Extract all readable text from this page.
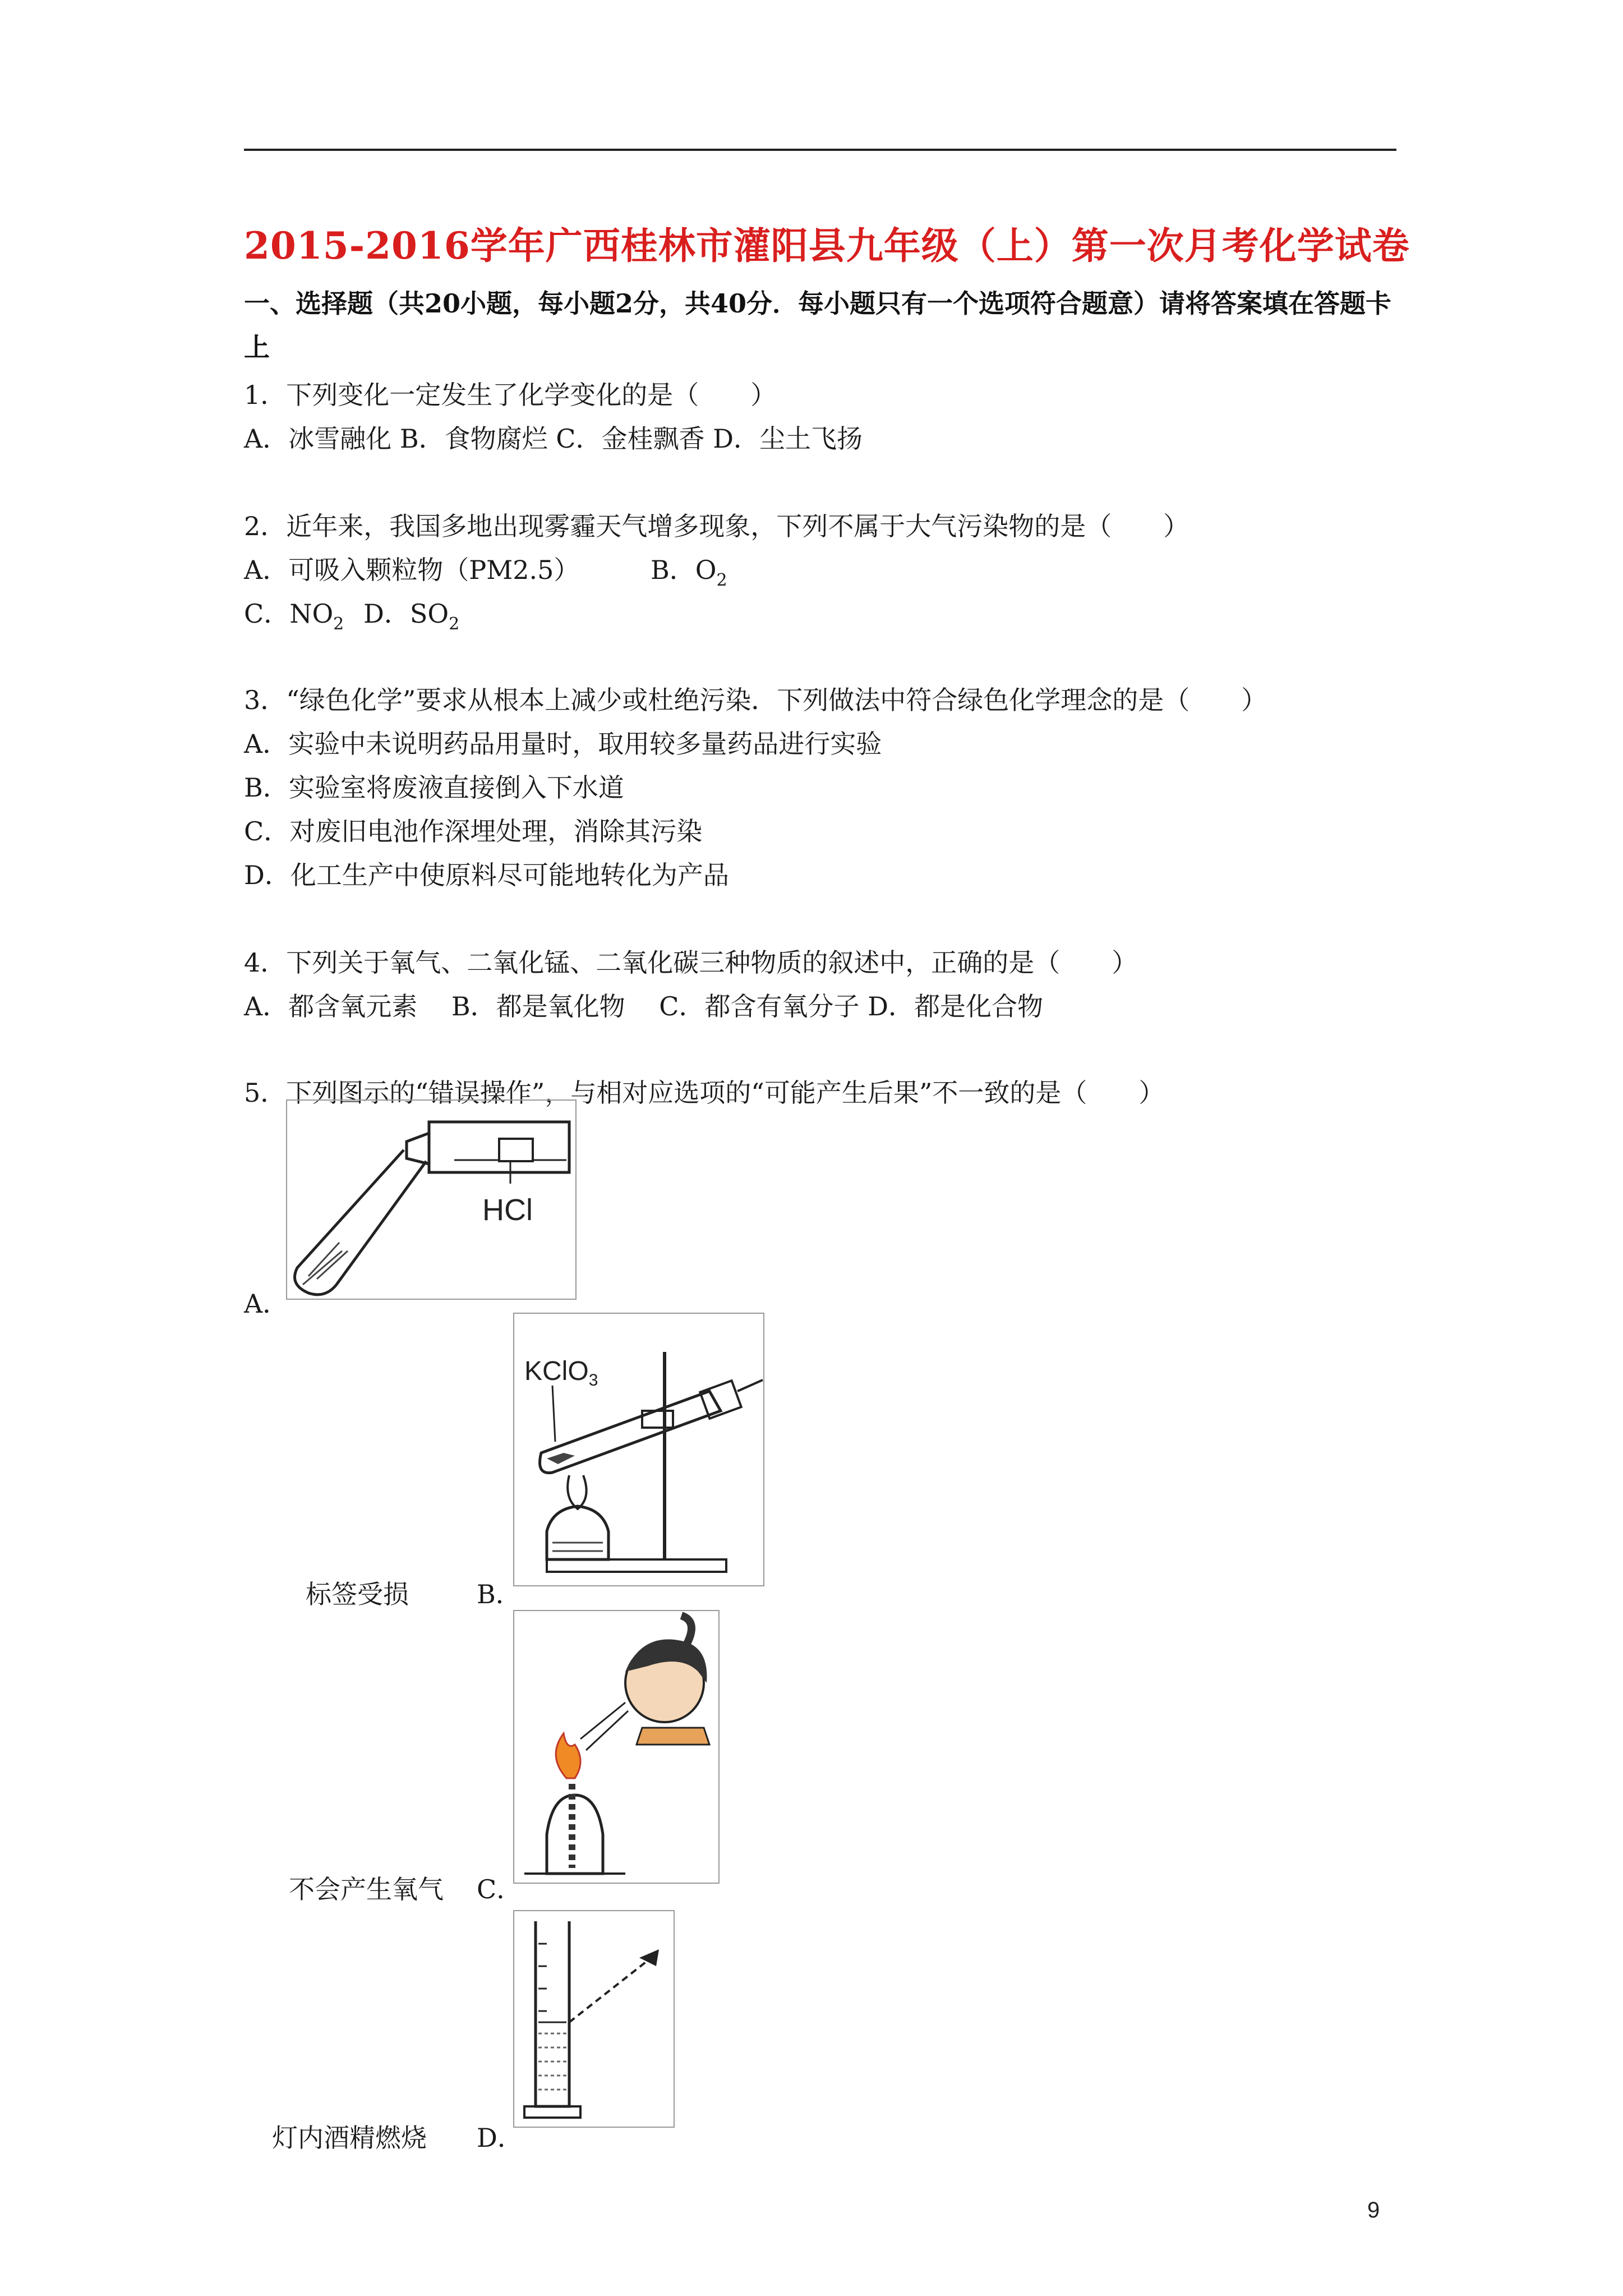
2015-2016学年广西桂林市灌阳县九年级（上）第一次月考化学试卷
一、选择题（共20小题，每小题2分，共40分．每小题只有一个选项符合题意）请将答案填在答题卡上
1．下列变化一定发生了化学变化的是（　　）
A．冰雪融化 B．食物腐烂 C．金桂飘香 D．尘土飞扬
2．近年来，我国多地出现雾霾天气增多现象，下列不属于大气污染物的是（　　）
A．可吸入颗粒物（PM2.5）	B．$O_2$
C．$NO_2$ D．$SO_2$
3．“绿色化学”要求从根本上减少或杜绝污染．下列做法中符合绿色化学理念的是（　　）
A．实验中未说明药品用量时，取用较多量药品进行实验
B．实验室将废液直接倒入下水道
C．对废旧电池作深埋处理，消除其污染
D．化工生产中使原料尽可能地转化为产品
4．下列关于氧气、二氧化锰、二氧化碳三种物质的叙述中，正确的是（　　）
A．都含氧元素　 B．都是氧化物　 C．都含有氧分子 D．都是化合物
5．下列图示的“错误操作”，与相对应选项的“可能产生后果”不一致的是（　　）
A．
HCl
标签受损	B．
KClO$_3$
不会产生氧气 C．
灯内酒精燃烧 D．
9
